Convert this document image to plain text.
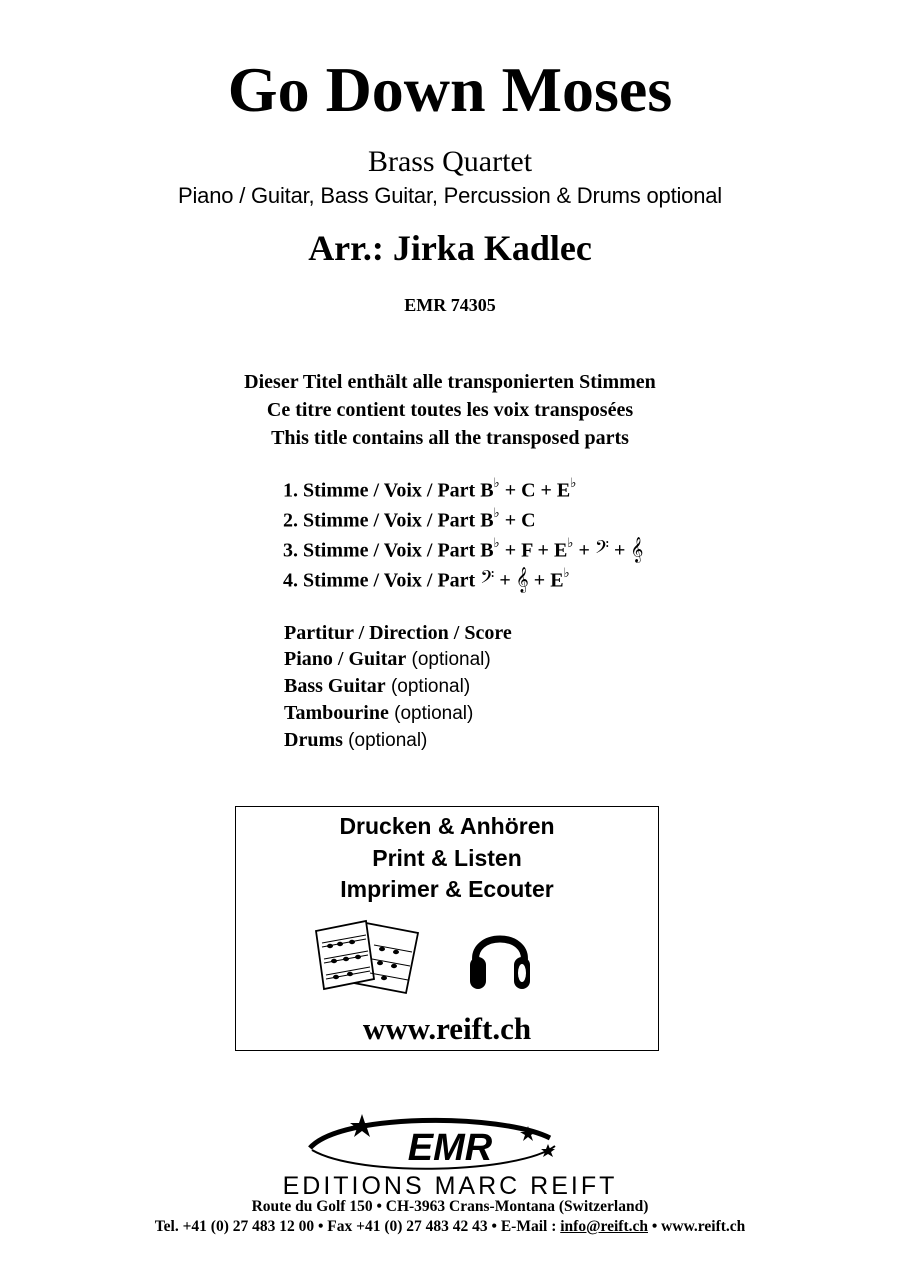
Go Down Moses
Brass Quartet
Piano / Guitar, Bass Guitar, Percussion & Drums optional
Arr.: Jirka Kadlec
EMR 74305
Dieser Titel enthält alle transponierten Stimmen
Ce titre contient toutes les voix transposées
This title contains all the transposed parts
1. Stimme / Voix / Part B♭ + C + E♭
2. Stimme / Voix / Part B♭ + C
3. Stimme / Voix / Part B♭ + F + E♭ + 𝄢 + 𝄞
4. Stimme / Voix / Part 𝄢 + 𝄞 + E♭
Partitur / Direction / Score
Piano / Guitar (optional)
Bass Guitar (optional)
Tambourine (optional)
Drums (optional)
Drucken & Anhören
Print & Listen
Imprimer & Ecouter
www.reift.ch
EMR
EDITIONS MARC REIFT
Route du Golf 150 • CH-3963 Crans-Montana (Switzerland)
Tel. +41 (0) 27 483 12 00 • Fax +41 (0) 27 483 42 43 • E-Mail : info@reift.ch • www.reift.ch
